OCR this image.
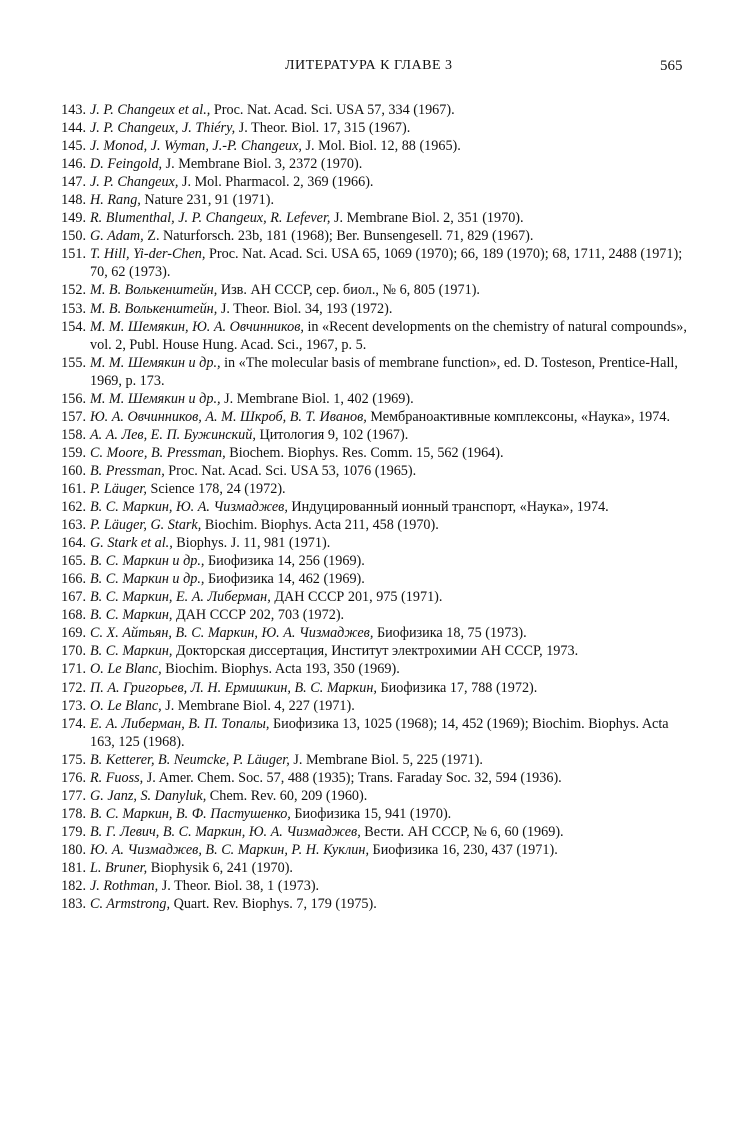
ЛИТЕРАТУРА К ГЛАВЕ 3	565
143. J. P. Changeux et al., Proc. Nat. Acad. Sci. USA 57, 334 (1967).
144. J. P. Changeux, J. Thiéry, J. Theor. Biol. 17, 315 (1967).
145. J. Monod, J. Wyman, J.-P. Changeux, J. Mol. Biol. 12, 88 (1965).
146. D. Feingold, J. Membrane Biol. 3, 2372 (1970).
147. J. P. Changeux, J. Mol. Pharmacol. 2, 369 (1966).
148. H. Rang, Nature 231, 91 (1971).
149. R. Blumenthal, J. P. Changeux, R. Lefever, J. Membrane Biol. 2, 351 (1970).
150. G. Adam, Z. Naturforsch. 23b, 181 (1968); Ber. Bunsengesell. 71, 829 (1967).
151. T. Hill, Yi-der-Chen, Proc. Nat. Acad. Sci. USA 65, 1069 (1970); 66, 189 (1970); 68, 1711, 2488 (1971); 70, 62 (1973).
152. М. В. Волькенштейн, Изв. АН СССР, сер. биол., № 6, 805 (1971).
153. М. В. Волькенштейн, J. Theor. Biol. 34, 193 (1972).
154. М. М. Шемякин, Ю. А. Овчинников, in «Recent developments on the chemistry of natural compounds», vol. 2, Publ. House Hung. Acad. Sci., 1967, p. 5.
155. М. М. Шемякин и др., in «The molecular basis of membrane function», ed. D. Tosteson, Prentice-Hall, 1969, p. 173.
156. М. М. Шемякин и др., J. Membrane Biol. 1, 402 (1969).
157. Ю. А. Овчинников, А. М. Шкроб, В. Т. Иванов, Мембраноактивные комплексоны, «Наука», 1974.
158. А. А. Лев, Е. П. Бужинский, Цитология 9, 102 (1967).
159. C. Moore, B. Pressman, Biochem. Biophys. Res. Comm. 15, 562 (1964).
160. B. Pressman, Proc. Nat. Acad. Sci. USA 53, 1076 (1965).
161. P. Läuger, Science 178, 24 (1972).
162. В. С. Маркин, Ю. А. Чизмаджев, Индуцированный ионный транспорт, «Наука», 1974.
163. P. Läuger, G. Stark, Biochim. Biophys. Acta 211, 458 (1970).
164. G. Stark et al., Biophys. J. 11, 981 (1971).
165. В. С. Маркин и др., Биофизика 14, 256 (1969).
166. В. С. Маркин и др., Биофизика 14, 462 (1969).
167. В. С. Маркин, Е. А. Либерман, ДАН СССР 201, 975 (1971).
168. В. С. Маркин, ДАН СССР 202, 703 (1972).
169. С. Х. Айтьян, В. С. Маркин, Ю. А. Чизмаджев, Биофизика 18, 75 (1973).
170. В. С. Маркин, Докторская диссертация, Институт электрохимии АН СССР, 1973.
171. O. Le Blanc, Biochim. Biophys. Acta 193, 350 (1969).
172. П. А. Григорьев, Л. Н. Ермишкин, В. С. Маркин, Биофизика 17, 788 (1972).
173. O. Le Blanc, J. Membrane Biol. 4, 227 (1971).
174. Е. А. Либерман, В. П. Топалы, Биофизика 13, 1025 (1968); 14, 452 (1969); Biochim. Biophys. Acta 163, 125 (1968).
175. B. Ketterer, B. Neumcke, P. Läuger, J. Membrane Biol. 5, 225 (1971).
176. R. Fuoss, J. Amer. Chem. Soc. 57, 488 (1935); Trans. Faraday Soc. 32, 594 (1936).
177. G. Janz, S. Danyluk, Chem. Rev. 60, 209 (1960).
178. В. С. Маркин, В. Ф. Пастушенко, Биофизика 15, 941 (1970).
179. В. Г. Левич, В. С. Маркин, Ю. А. Чизмаджев, Вести. АН СССР, № 6, 60 (1969).
180. Ю. А. Чизмаджев, В. С. Маркин, Р. Н. Куклин, Биофизика 16, 230, 437 (1971).
181. L. Bruner, Biophysik 6, 241 (1970).
182. J. Rothman, J. Theor. Biol. 38, 1 (1973).
183. C. Armstrong, Quart. Rev. Biophys. 7, 179 (1975).
